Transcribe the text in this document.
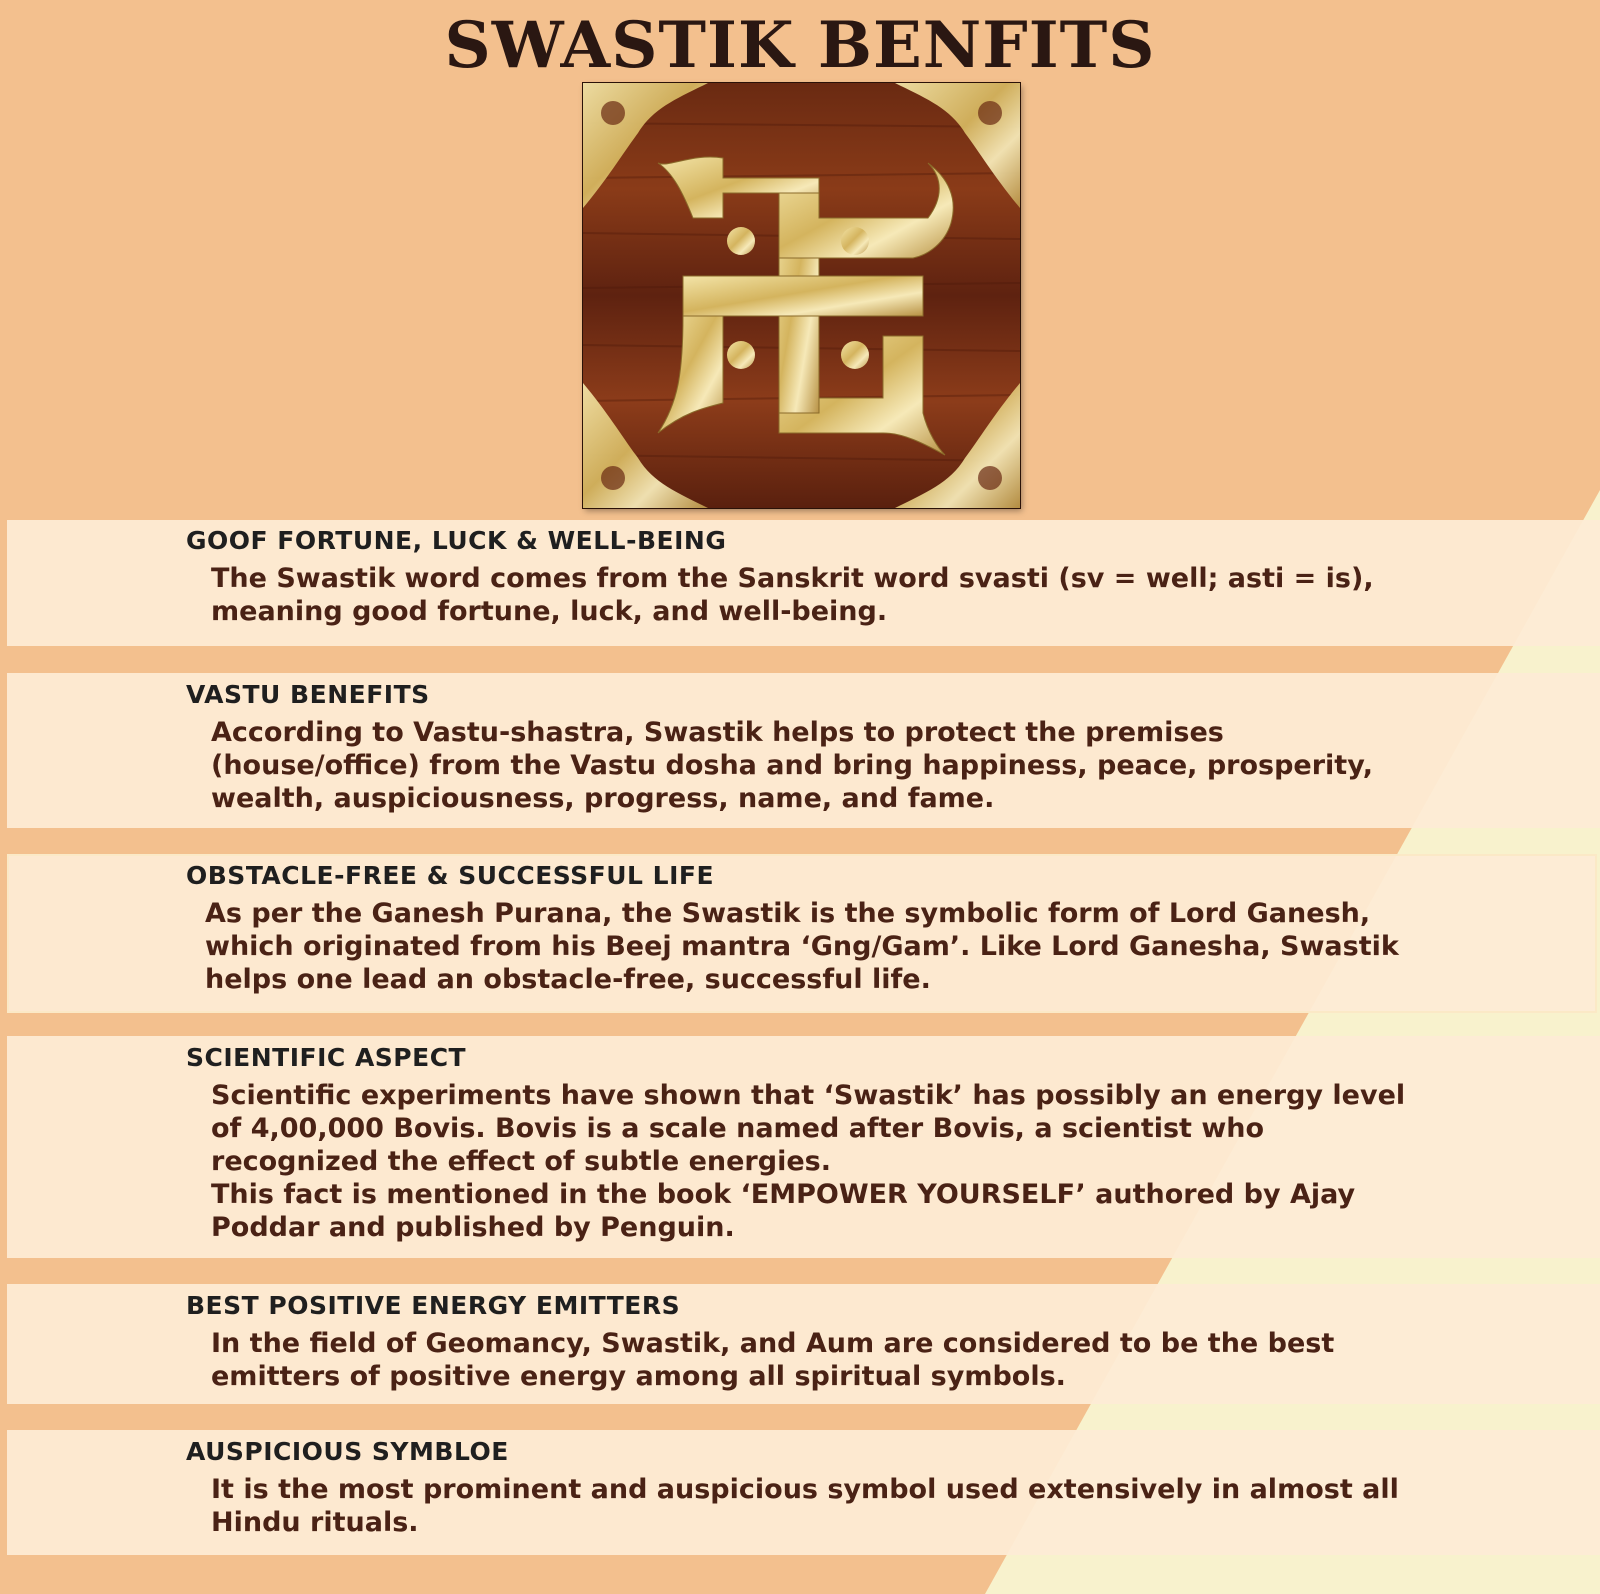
SWASTIK BENFITS
GOOF FORTUNE, LUCK & WELL-BEING
The Swastik word comes from the Sanskrit word svasti (sv = well; asti = is),
meaning good fortune, luck, and well-being.
VASTU BENEFITS
According to Vastu-shastra, Swastik helps to protect the premises
(house/office) from the Vastu dosha and bring happiness, peace, prosperity,
wealth, auspiciousness, progress, name, and fame.
OBSTACLE-FREE & SUCCESSFUL LIFE
As per the Ganesh Purana, the Swastik is the symbolic form of Lord Ganesh,
which originated from his Beej mantra ‘Gng/Gam’. Like Lord Ganesha, Swastik
helps one lead an obstacle-free, successful life.
SCIENTIFIC ASPECT
Scientific experiments have shown that ‘Swastik’ has possibly an energy level
of 4,00,000 Bovis. Bovis is a scale named after Bovis, a scientist who
recognized the effect of subtle energies.
This fact is mentioned in the book ‘EMPOWER YOURSELF’ authored by Ajay
Poddar and published by Penguin.
BEST POSITIVE ENERGY EMITTERS
In the field of Geomancy, Swastik, and Aum are considered to be the best
emitters of positive energy among all spiritual symbols.
AUSPICIOUS SYMBLOE
It is the most prominent and auspicious symbol used extensively in almost all
Hindu rituals.
